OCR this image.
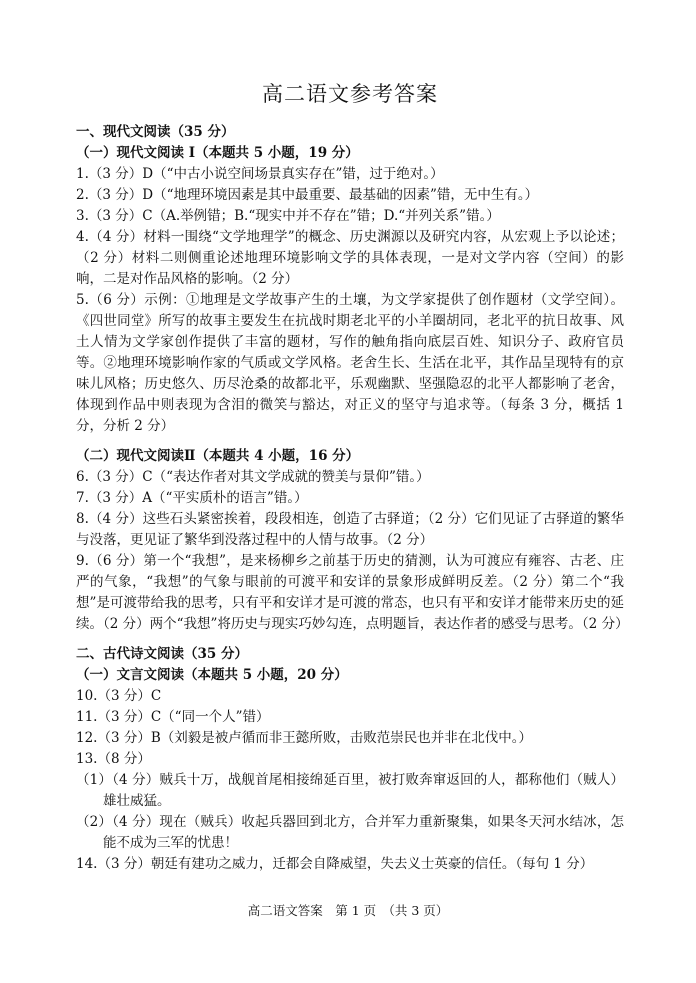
高二语文参考答案

一、现代文阅读（35 分）

（一）现代文阅读 I（本题共 5 小题，19 分）

1.（3 分）D（“中古小说空间场景真实存在”错，过于绝对。）

2.（3 分）D（“地理环境因素是其中最重要、最基础的因素”错，无中生有。）

3.（3 分）C（A.举例错；B.“现实中并不存在”错；D.“并列关系”错。）

4.（4 分）材料一围绕“文学地理学”的概念、历史渊源以及研究内容，从宏观上予以论述；（2 分）材料二则侧重论述地理环境影响文学的具体表现，一是对文学内容（空间）的影响，二是对作品风格的影响。（2 分）

5.（6 分）示例：①地理是文学故事产生的土壤，为文学家提供了创作题材（文学空间）。《四世同堂》所写的故事主要发生在抗战时期老北平的小羊圈胡同，老北平的抗日故事、风土人情为文学家创作提供了丰富的题材，写作的触角指向底层百姓、知识分子、政府官员等。②地理环境影响作家的气质或文学风格。老舍生长、生活在北平，其作品呈现特有的京味儿风格；历史悠久、历尽沧桑的故都北平，乐观幽默、坚强隐忍的北平人都影响了老舍，体现到作品中则表现为含泪的微笑与豁达，对正义的坚守与追求等。（每条 3 分，概括 1 分，分析 2 分）

（二）现代文阅读Ⅱ（本题共 4 小题，16 分）

6.（3 分）C（“表达作者对其文学成就的赞美与景仰”错。）

7.（3 分）A（“平实质朴的语言”错。）

8.（4 分）这些石头紧密挨着，段段相连，创造了古驿道；（2 分）它们见证了古驿道的繁华与没落，更见证了繁华到没落过程中的人情与故事。（2 分）

9.（6 分）第一个“我想”，是来杨柳乡之前基于历史的猜测，认为可渡应有雍容、古老、庄严的气象，“我想”的气象与眼前的可渡平和安详的景象形成鲜明反差。（2 分）第二个“我想”是可渡带给我的思考，只有平和安详才是可渡的常态，也只有平和安详才能带来历史的延续。（2 分）两个“我想”将历史与现实巧妙勾连，点明题旨，表达作者的感受与思考。（2 分）

二、古代诗文阅读（35 分）

（一）文言文阅读（本题共 5 小题，20 分）

10.（3 分）C

11.（3 分）C（“同一个人”错）

12.（3 分）B（刘毅是被卢循而非王懿所败，击败范崇民也并非在北伐中。）

13.（8 分）

（1）（4 分）贼兵十万，战舰首尾相接绵延百里，被打败奔窜返回的人，都称他们（贼人）雄壮威猛。

（2）（4 分）现在（贼兵）收起兵器回到北方，合并军力重新聚集，如果冬天河水结冰，怎能不成为三军的忧患！

14.（3 分）朝廷有建功之威力，迁都会自降威望，失去义士英豪的信任。（每句 1 分）

高二语文答案　第 1 页　（共 3 页）
